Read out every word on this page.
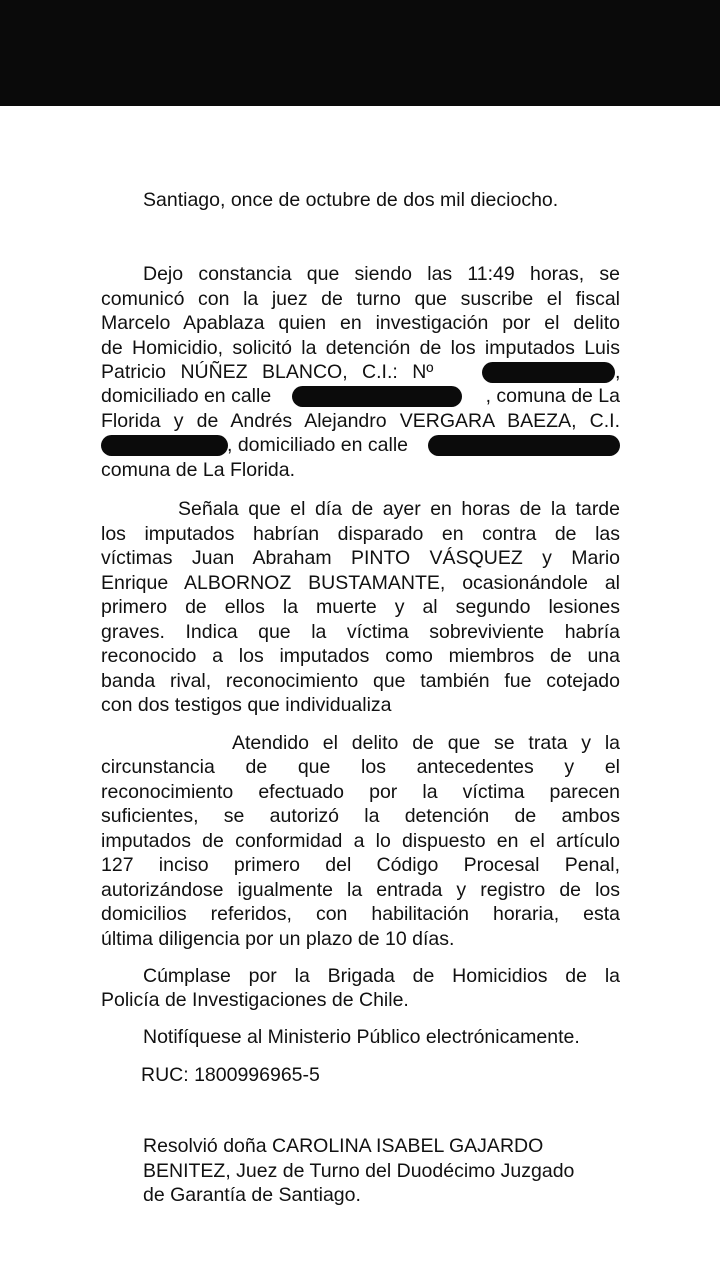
Santiago, once de octubre de dos mil dieciocho.
Dejo constancia que siendo las 11:49 horas, se
comunicó con la juez de turno que suscribe el fiscal
Marcelo Apablaza quien en investigación por el delito
de Homicidio, solicitó la detención de los imputados Luis
Patricio NÚÑEZ BLANCO, C.I.: Nº	,
domiciliado en calle	, comuna de La
Florida y de Andrés Alejandro VERGARA BAEZA, C.I.
, domiciliado en calle
comuna de La Florida.
Señala que el día de ayer en horas de la tarde
los imputados habrían disparado en contra de las
víctimas Juan Abraham PINTO VÁSQUEZ y Mario
Enrique ALBORNOZ BUSTAMANTE, ocasionándole al
primero de ellos la muerte y al segundo lesiones
graves. Indica que la víctima sobreviviente habría
reconocido a los imputados como miembros de una
banda rival, reconocimiento que también fue cotejado
con dos testigos que individualiza
Atendido el delito de que se trata y la
circunstancia de que los antecedentes y el
reconocimiento efectuado por la víctima parecen
suficientes, se autorizó la detención de ambos
imputados de conformidad a lo dispuesto en el artículo
127 inciso primero del Código Procesal Penal,
autorizándose igualmente la entrada y registro de los
domicilios referidos, con habilitación horaria, esta
última diligencia por un plazo de 10 días.
Cúmplase por la Brigada de Homicidios de la
Policía de Investigaciones de Chile.
Notifíquese al Ministerio Público electrónicamente.
RUC: 1800996965-5
Resolvió doña CAROLINA ISABEL GAJARDO
BENITEZ, Juez de Turno del Duodécimo Juzgado
de Garantía de Santiago.
